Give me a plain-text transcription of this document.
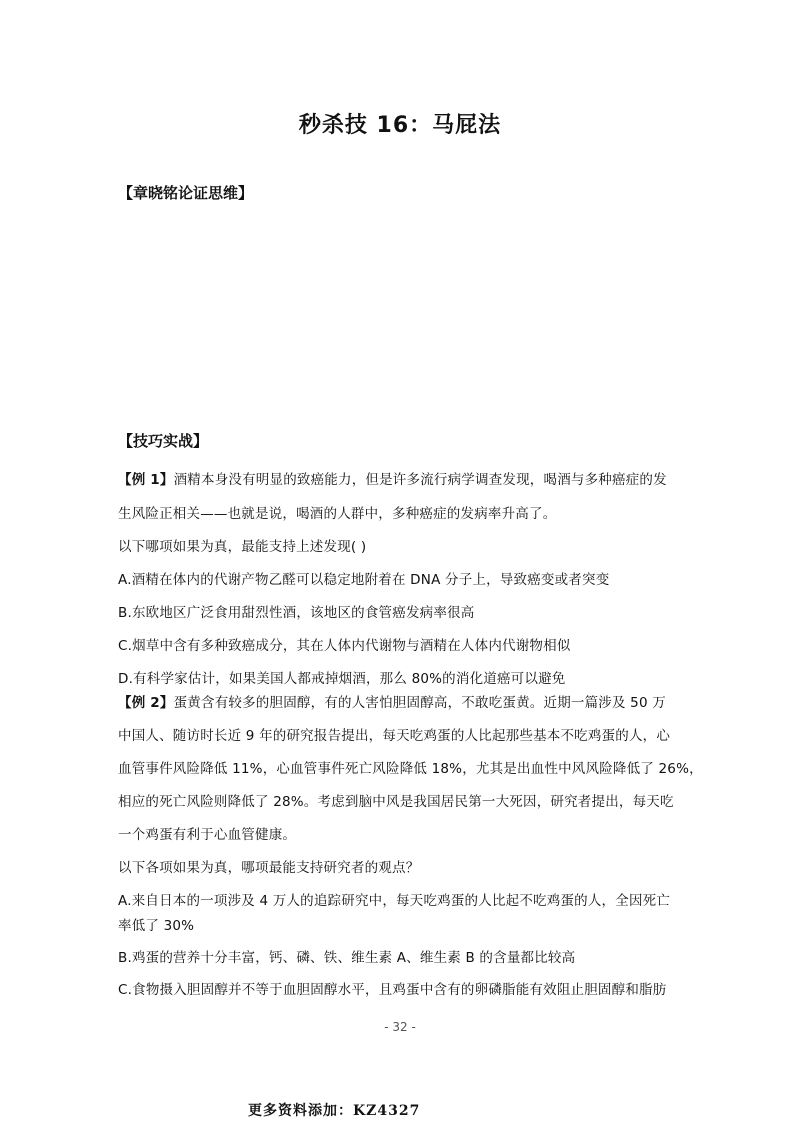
秒杀技 16：马屁法
【章晓铭论证思维】
【技巧实战】
【例 1】酒精本身没有明显的致癌能力，但是许多流行病学调查发现，喝酒与多种癌症的发
生风险正相关——也就是说，喝酒的人群中，多种癌症的发病率升高了。
以下哪项如果为真，最能支持上述发现( )
A.酒精在体内的代谢产物乙醛可以稳定地附着在 DNA 分子上，导致癌变或者突变
B.东欧地区广泛食用甜烈性酒，该地区的食管癌发病率很高
C.烟草中含有多种致癌成分，其在人体内代谢物与酒精在人体内代谢物相似
D.有科学家估计，如果美国人都戒掉烟酒，那么 80%的消化道癌可以避免
【例 2】蛋黄含有较多的胆固醇，有的人害怕胆固醇高，不敢吃蛋黄。近期一篇涉及 50 万
中国人、随访时长近 9 年的研究报告提出，每天吃鸡蛋的人比起那些基本不吃鸡蛋的人，心
血管事件风险降低 11%，心血管事件死亡风险降低 18%，尤其是出血性中风风险降低了 26%，
相应的死亡风险则降低了 28%。考虑到脑中风是我国居民第一大死因，研究者提出，每天吃
一个鸡蛋有利于心血管健康。
以下各项如果为真，哪项最能支持研究者的观点？
A.来自日本的一项涉及 4 万人的追踪研究中，每天吃鸡蛋的人比起不吃鸡蛋的人，全因死亡
率低了 30%
B.鸡蛋的营养十分丰富，钙、磷、铁、维生素 A、维生素 B 的含量都比较高
C.食物摄入胆固醇并不等于血胆固醇水平，且鸡蛋中含有的卵磷脂能有效阻止胆固醇和脂肪
- 32 -
更多资料添加：KZ4327
